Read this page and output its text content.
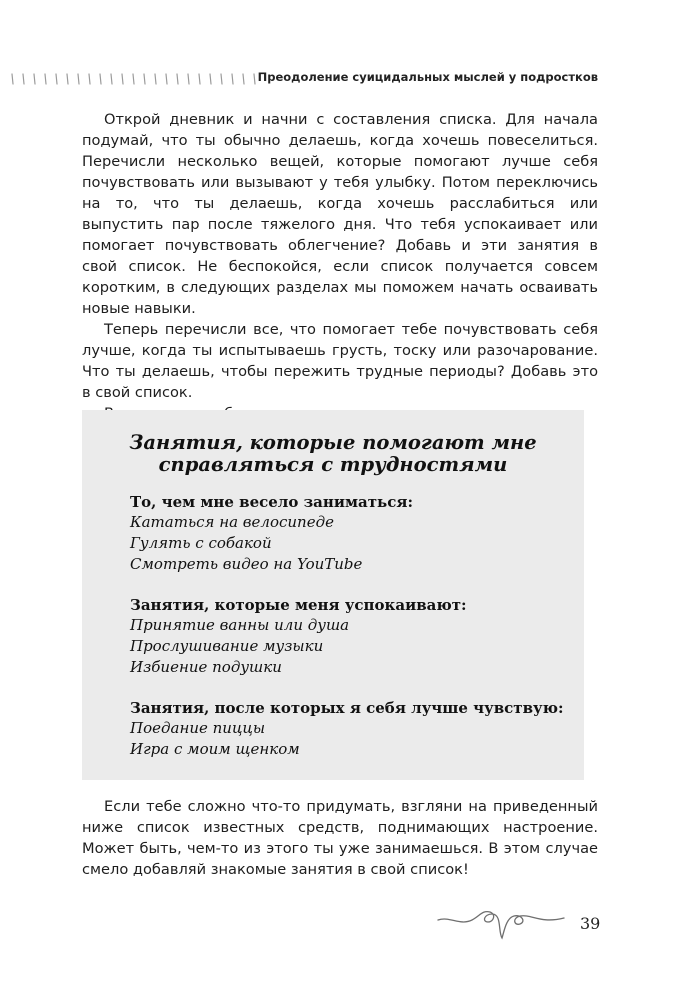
Преодоление суицидальных мыслей у подростков

Открой дневник и начни с составления списка. Для начала подумай, что ты обычно делаешь, когда хочешь повеселиться. Перечисли несколько вещей, которые помогают лучше себя почувствовать или вызывают у тебя улыбку. Потом переключись на то, что ты делаешь, когда хочешь расслабиться или выпустить пар после тяжелого дня. Что тебя успокаивает или помогает почувствовать облегчение? Добавь и эти занятия в свой список. Не беспокойся, если список получается совсем коротким, в следующих разделах мы поможем начать осваивать новые навыки.

Теперь перечисли все, что помогает тебе почувствовать себя лучше, когда ты испытываешь грусть, тоску или разочарование. Что ты делаешь, чтобы пережить трудные периоды? Добавь это в свой список.

Занятия, которые помогают мне
справляться с трудностями
То, чем мне весело заниматься:
Кататься на велосипеде
Гулять с собакой
Смотреть видео на YouTube
Занятия, которые меня успокаивают:
Принятие ванны или душа
Прослушивание музыки
Избиение подушки
Занятия, после которых я себя лучше чувствую:
Поедание пиццы
Игра с моим щенком

Если тебе сложно что-то придумать, взгляни на приведенный ниже список известных средств, поднимающих настроение. Может быть, чем-то из этого ты уже занимаешься. В этом случае смело добавляй знакомые занятия в свой список!

39
